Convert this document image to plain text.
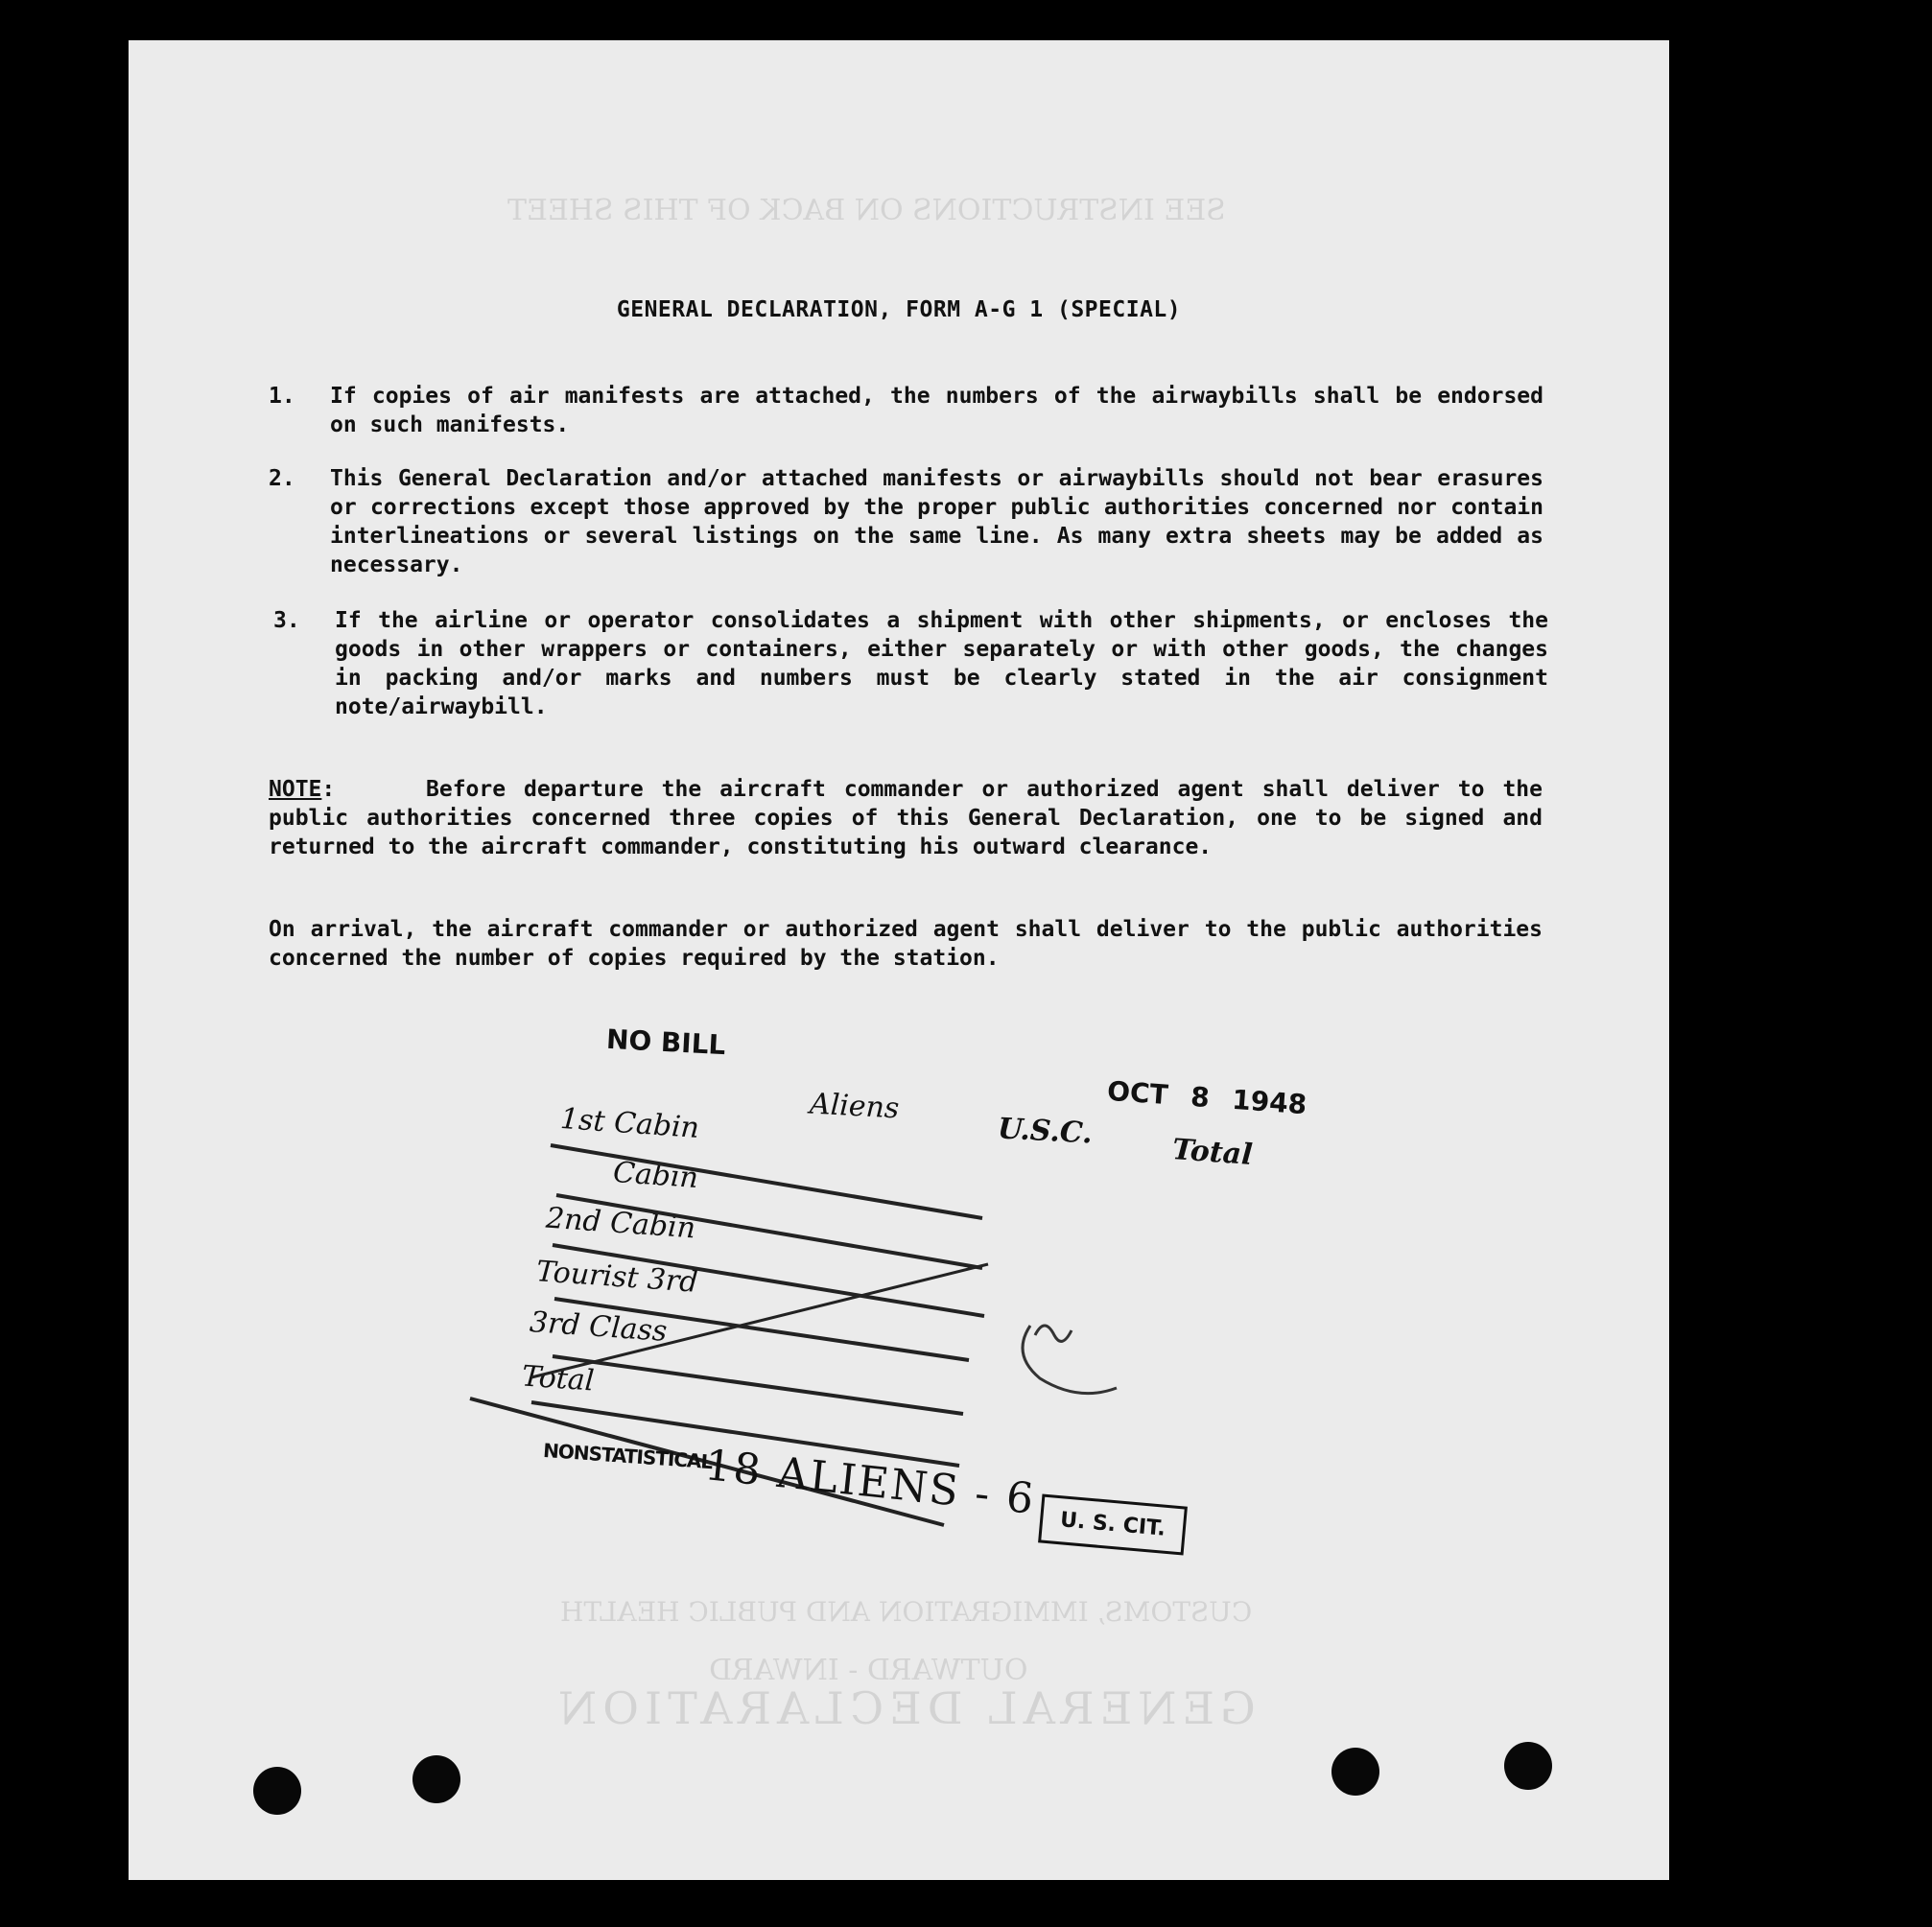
SEE INSTRUCTIONS ON BACK OF THIS SHEET
CUSTOMS, IMMIGRATION AND PUBLIC HEALTH
OUTWARD - INWARD
GENERAL DECLARATION
GENERAL DECLARATION, FORM A-G 1 (SPECIAL)
1. If copies of air manifests are attached, the numbers of the airwaybills shall be endorsed on such manifests.
2. This General Declaration and/or attached manifests or airwaybills should not bear erasures or corrections except those approved by the proper public authorities concerned nor contain interlineations or several listings on the same line. As many extra sheets may be added as necessary.
3. If the airline or operator consolidates a shipment with other shipments, or encloses the goods in other wrappers or containers, either separately or with other goods, the changes in packing and/or marks and numbers must be clearly stated in the air consignment note/airwaybill.
NOTE:     Before departure the aircraft commander or authorized agent shall deliver to the public authorities concerned three copies of this General Declaration, one to be signed and returned to the aircraft commander, constituting his outward clearance.
On arrival, the aircraft commander or authorized agent shall deliver to the public authorities concerned the number of copies required by the station.
NO BILL
Aliens
U.S.C.
OCT 8 1948
Total
1st Cabin
Cabin
2nd Cabin
Tourist 3rd
3rd Class
Total
NONSTATISTICAL
18 ALIENS - 6
U. S. CIT.
